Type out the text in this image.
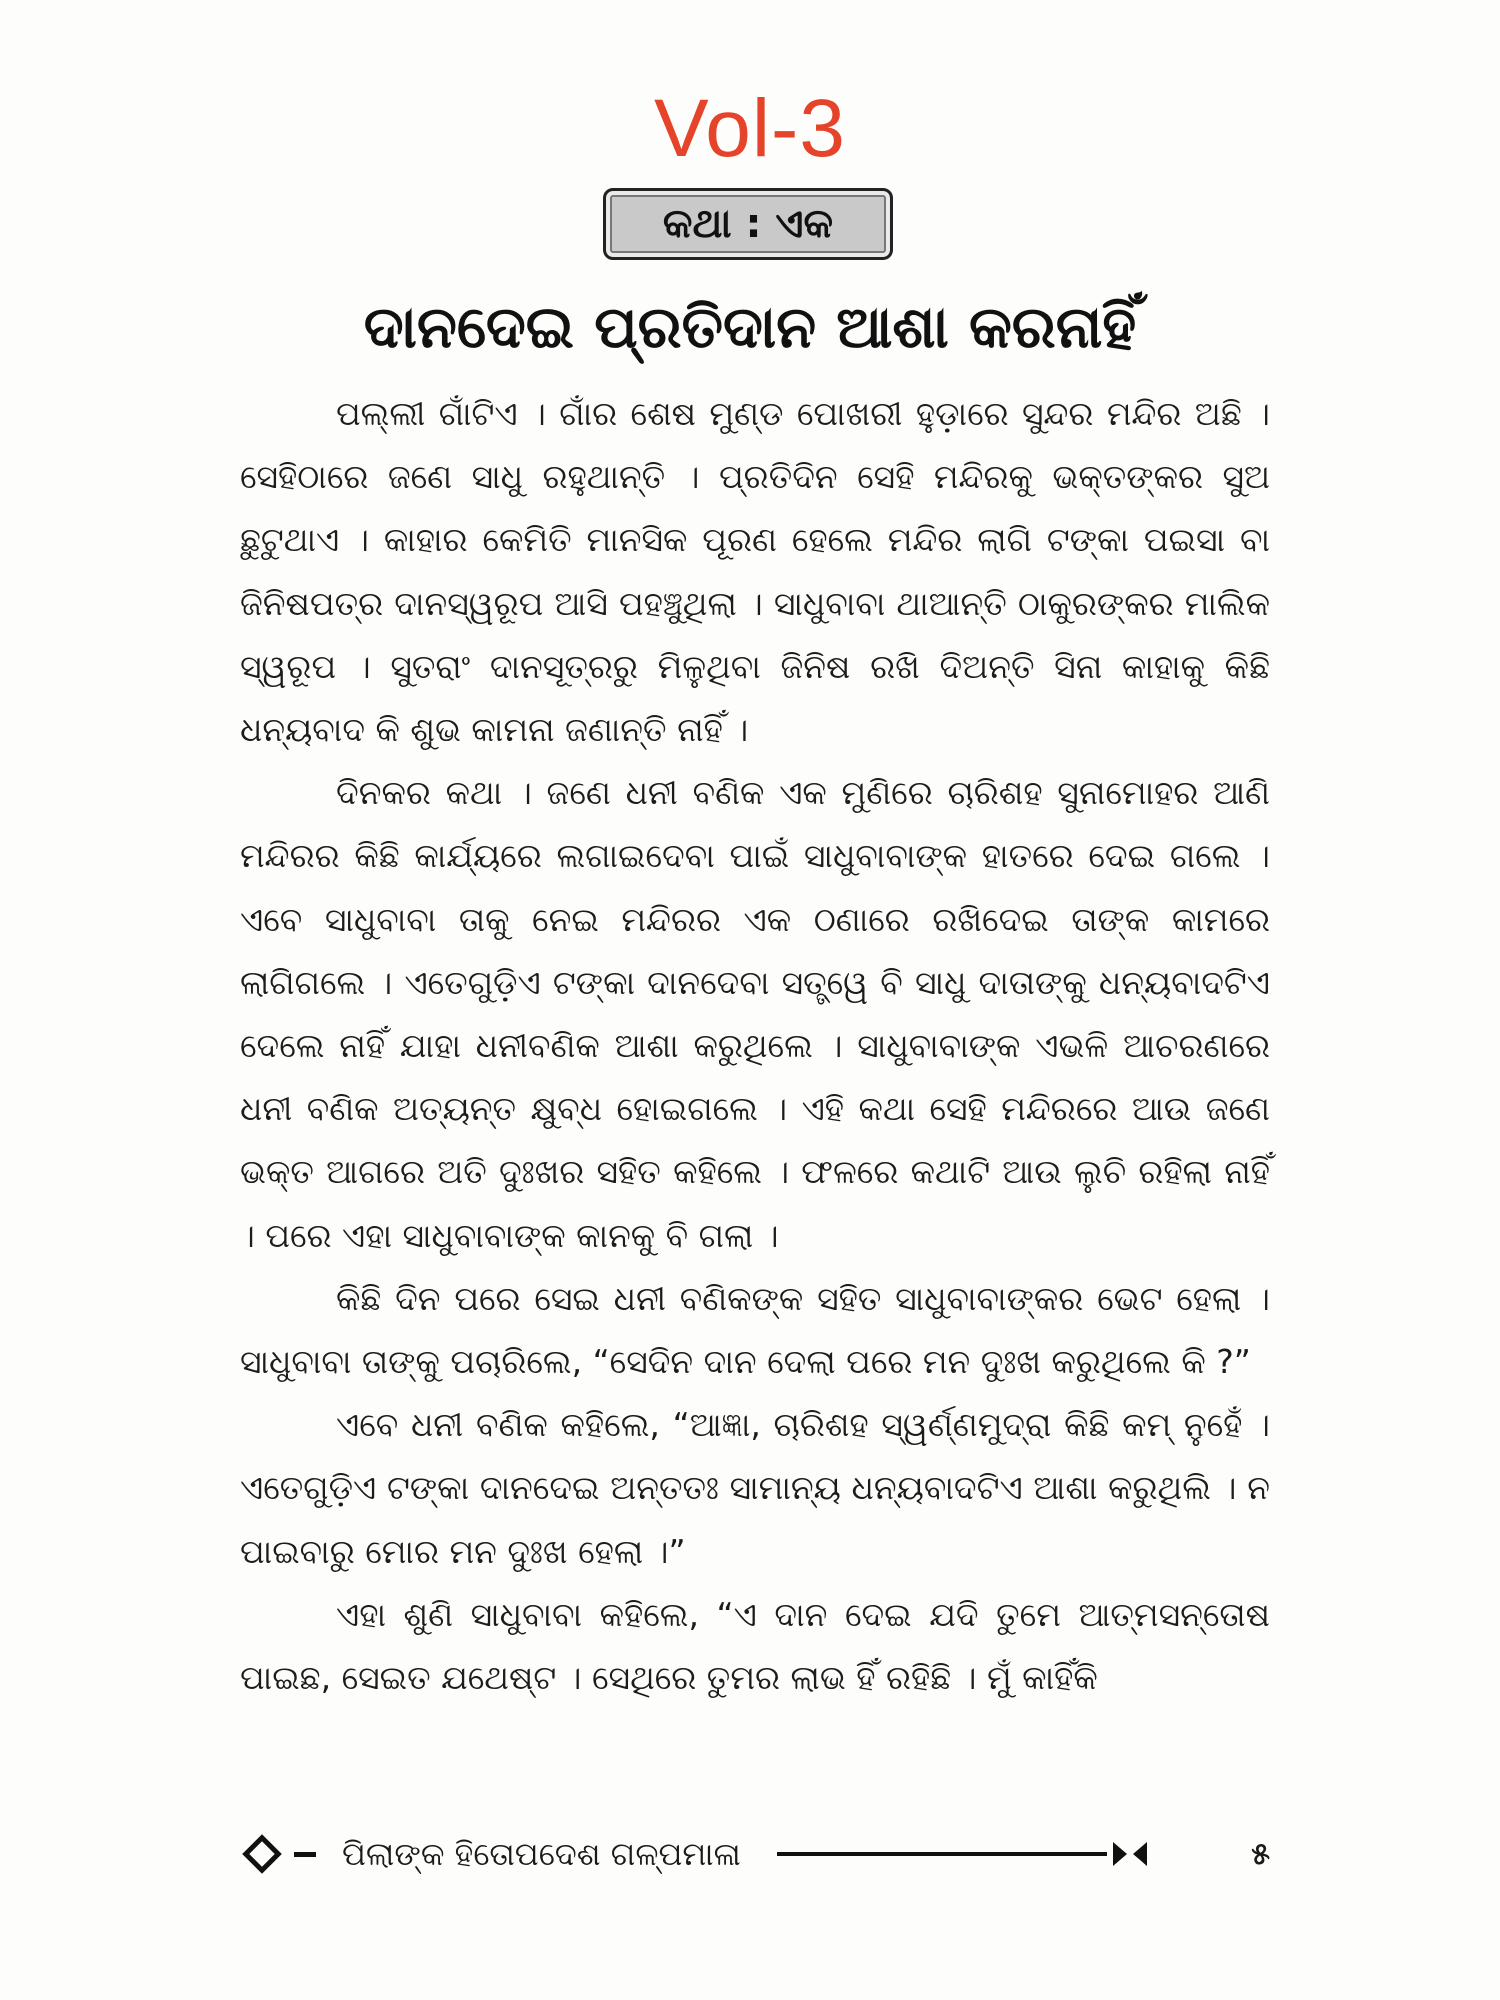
Vol-3
କଥା : ଏକ
ଦାନଦେଇ ପ୍ରତିଦାନ ଆଶା କରନାହିଁ

ପଲ୍ଲୀ ଗାଁଟିଏ । ଗାଁର ଶେଷ ମୁଣ୍ଡ ପୋଖରୀ ହୁଡ଼ାରେ ସୁନ୍ଦର ମନ୍ଦିର ଅଛି । ସେହିଠାରେ ଜଣେ ସାଧୁ ରହୁଥାନ୍ତି । ପ୍ରତିଦିନ ସେହି ମନ୍ଦିରକୁ ଭକ୍ତଙ୍କର ସୁଅ ଛୁଟୁଥାଏ । କାହାର କେମିତି ମାନସିକ ପୂରଣ ହେଲେ ମନ୍ଦିର ଲାଗି ଟଙ୍କା ପଇସା ବା ଜିନିଷପତ୍ର ଦାନସ୍ୱରୂପ ଆସି ପହଞ୍ଚୁଥିଲା । ସାଧୁବାବା ଥାଆନ୍ତି ଠାକୁରଙ୍କର ମାଲିକ ସ୍ୱରୂପ । ସୁତରାଂ ଦାନସୂତ୍ରରୁ ମିଳୁଥିବା ଜିନିଷ ରଖି ଦିଅନ୍ତି ସିନା କାହାକୁ କିଛି ଧନ୍ୟବାଦ କି ଶୁଭ କାମନା ଜଣାନ୍ତି ନାହିଁ ।

ଦିନକର କଥା । ଜଣେ ଧନୀ ବଣିକ ଏକ ମୁଣିରେ ଚାରିଶହ ସୁନାମୋହର ଆଣି ମନ୍ଦିରର କିଛି କାର୍ଯ୍ୟରେ ଲଗାଇଦେବା ପାଇଁ ସାଧୁବାବାଙ୍କ ହାତରେ ଦେଇ ଗଲେ । ଏବେ ସାଧୁବାବା ତାକୁ ନେଇ ମନ୍ଦିରର ଏକ ଠଣାରେ ରଖିଦେଇ ତାଙ୍କ କାମରେ ଲାଗିଗଲେ । ଏତେଗୁଡ଼ିଏ ଟଙ୍କା ଦାନଦେବା ସତ୍ତ୍ୱେ ବି ସାଧୁ ଦାତାଙ୍କୁ ଧନ୍ୟବାଦଟିଏ ଦେଲେ ନାହିଁ ଯାହା ଧନୀବଣିକ ଆଶା କରୁଥିଲେ । ସାଧୁବାବାଙ୍କ ଏଭଳି ଆଚରଣରେ ଧନୀ ବଣିକ ଅତ୍ୟନ୍ତ କ୍ଷୁବ୍ଧ ହୋଇଗଲେ । ଏହି କଥା ସେହି ମନ୍ଦିରରେ ଆଉ ଜଣେ ଭକ୍ତ ଆଗରେ ଅତି ଦୁଃଖର ସହିତ କହିଲେ । ଫଳରେ କଥାଟି ଆଉ ଲୁଚି ରହିଲା ନାହିଁ । ପରେ ଏହା ସାଧୁବାବାଙ୍କ କାନକୁ ବି ଗଲା ।

କିଛି ଦିନ ପରେ ସେଇ ଧନୀ ବଣିକଙ୍କ ସହିତ ସାଧୁବାବାଙ୍କର ଭେଟ ହେଲା । ସାଧୁବାବା ତାଙ୍କୁ ପଚାରିଲେ, “ସେଦିନ ଦାନ ଦେଲା ପରେ ମନ ଦୁଃଖ କରୁଥିଲେ କି ?”

ଏବେ ଧନୀ ବଣିକ କହିଲେ, “ଆଜ୍ଞା, ଚାରିଶହ ସ୍ୱର୍ଣ୍ଣମୁଦ୍ରା କିଛି କମ୍ ନୁହେଁ । ଏତେଗୁଡ଼ିଏ ଟଙ୍କା ଦାନଦେଇ ଅନ୍ତତଃ ସାମାନ୍ୟ ଧନ୍ୟବାଦଟିଏ ଆଶା କରୁଥିଲି । ନ ପାଇବାରୁ ମୋର ମନ ଦୁଃଖ ହେଲା ।”

ଏହା ଶୁଣି ସାଧୁବାବା କହିଲେ, “ଏ ଦାନ ଦେଇ ଯଦି ତୁମେ ଆତ୍ମସନ୍ତୋଷ ପାଇଛ, ସେଇତ ଯଥେଷ୍ଟ । ସେଥିରେ ତୁମର ଲାଭ ହିଁ ରହିଛି । ମୁଁ କାହିଁକି

ପିଲାଙ୍କ ହିତୋପଦେଶ ଗଳ୍ପମାଳା	୫
